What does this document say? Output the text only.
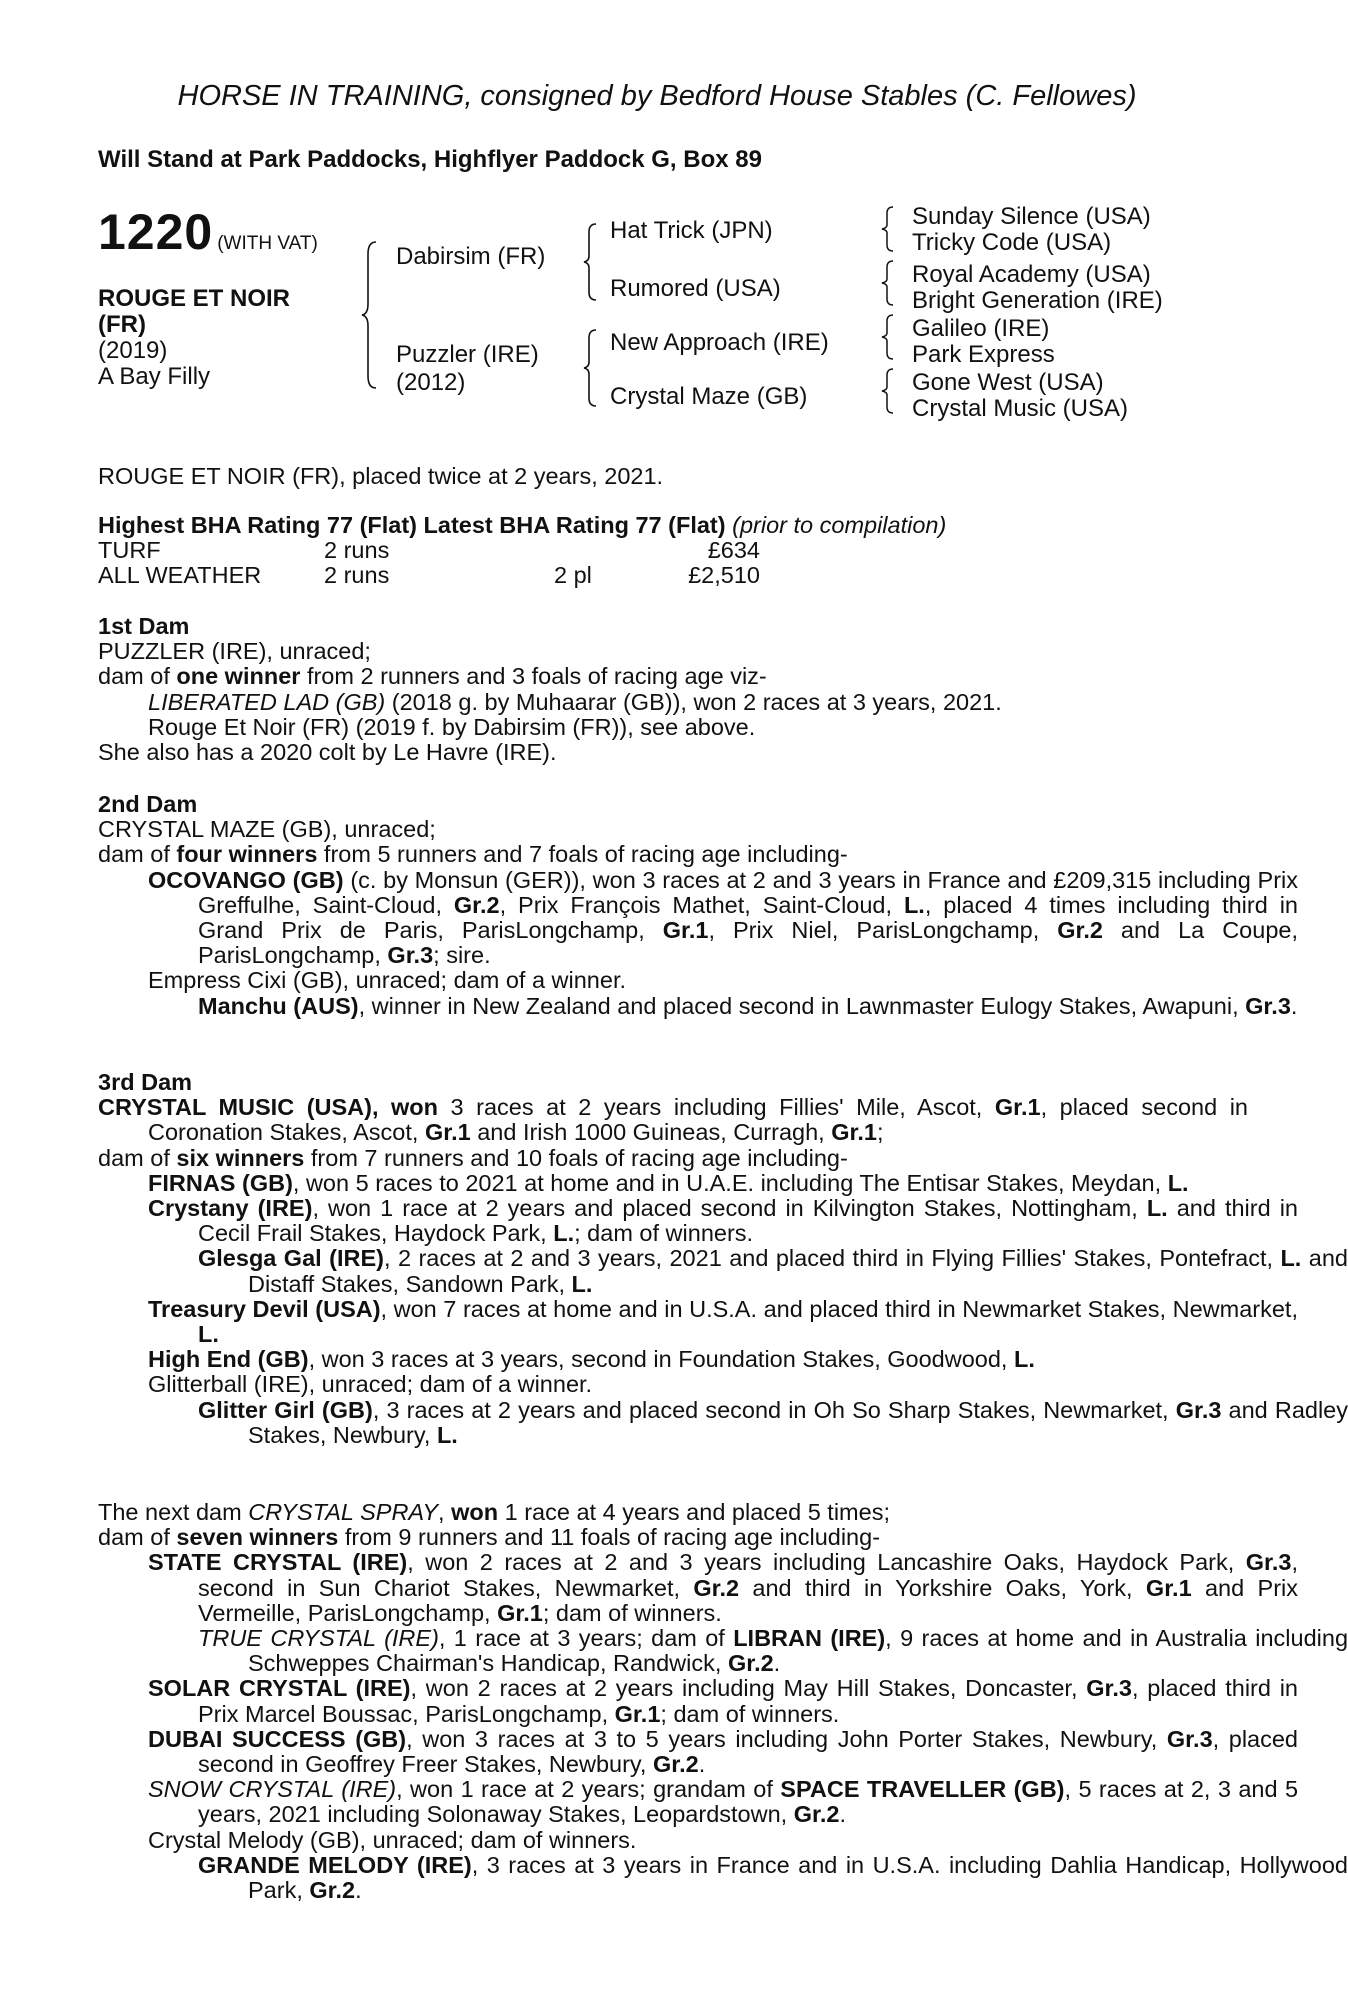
HORSE IN TRAINING, consigned by Bedford House Stables (C. Fellowes)
Will Stand at Park Paddocks, Highflyer Paddock G, Box 89
1220 (WITH VAT)
ROUGE ET NOIR
(FR)
(2019)
A Bay Filly
Dabirsim (FR)
Puzzler (IRE)
(2012)
Hat Trick (JPN)
Rumored (USA)
New Approach (IRE)
Crystal Maze (GB)
Sunday Silence (USA)
Tricky Code (USA)
Royal Academy (USA)
Bright Generation (IRE)
Galileo (IRE)
Park Express
Gone West (USA)
Crystal Music (USA)

ROUGE ET NOIR (FR), placed twice at 2 years, 2021.

Highest BHA Rating 77 (Flat) Latest BHA Rating 77 (Flat) (prior to compilation)

TURF	2 runs	£634
ALL WEATHER	2 runs	2 pl	£2,510

1st Dam

PUZZLER (IRE), unraced;

dam of one winner from 2 runners and 3 foals of racing age viz-

LIBERATED LAD (GB) (2018 g. by Muhaarar (GB)), won 2 races at 3 years, 2021.

Rouge Et Noir (FR) (2019 f. by Dabirsim (FR)), see above.

She also has a 2020 colt by Le Havre (IRE).

2nd Dam

CRYSTAL MAZE (GB), unraced;

dam of four winners from 5 runners and 7 foals of racing age including-

OCOVANGO (GB) (c. by Monsun (GER)), won 3 races at 2 and 3 years in France and £209,315 including Prix Greffulhe, Saint-Cloud, Gr.2, Prix François Mathet, Saint-Cloud, L., placed 4 times including third in Grand Prix de Paris, ParisLongchamp, Gr.1, Prix Niel, ParisLongchamp, Gr.2 and La Coupe, ParisLongchamp, Gr.3; sire.

Empress Cixi (GB), unraced; dam of a winner.

Manchu (AUS), winner in New Zealand and placed second in Lawnmaster Eulogy Stakes, Awapuni, Gr.3.

3rd Dam

CRYSTAL MUSIC (USA), won 3 races at 2 years including Fillies' Mile, Ascot, Gr.1, placed second in Coronation Stakes, Ascot, Gr.1 and Irish 1000 Guineas, Curragh, Gr.1;

dam of six winners from 7 runners and 10 foals of racing age including-

FIRNAS (GB), won 5 races to 2021 at home and in U.A.E. including The Entisar Stakes, Meydan, L.

Crystany (IRE), won 1 race at 2 years and placed second in Kilvington Stakes, Nottingham, L. and third in Cecil Frail Stakes, Haydock Park, L.; dam of winners.

Glesga Gal (IRE), 2 races at 2 and 3 years, 2021 and placed third in Flying Fillies' Stakes, Pontefract, L. and Distaff Stakes, Sandown Park, L.

Treasury Devil (USA), won 7 races at home and in U.S.A. and placed third in Newmarket Stakes, Newmarket, L.

High End (GB), won 3 races at 3 years, second in Foundation Stakes, Goodwood, L.

Glitterball (IRE), unraced; dam of a winner.

Glitter Girl (GB), 3 races at 2 years and placed second in Oh So Sharp Stakes, Newmarket, Gr.3 and Radley Stakes, Newbury, L.

The next dam CRYSTAL SPRAY, won 1 race at 4 years and placed 5 times;

dam of seven winners from 9 runners and 11 foals of racing age including-

STATE CRYSTAL (IRE), won 2 races at 2 and 3 years including Lancashire Oaks, Haydock Park, Gr.3, second in Sun Chariot Stakes, Newmarket, Gr.2 and third in Yorkshire Oaks, York, Gr.1 and Prix Vermeille, ParisLongchamp, Gr.1; dam of winners.

TRUE CRYSTAL (IRE), 1 race at 3 years; dam of LIBRAN (IRE), 9 races at home and in Australia including Schweppes Chairman's Handicap, Randwick, Gr.2.

SOLAR CRYSTAL (IRE), won 2 races at 2 years including May Hill Stakes, Doncaster, Gr.3, placed third in Prix Marcel Boussac, ParisLongchamp, Gr.1; dam of winners.

DUBAI SUCCESS (GB), won 3 races at 3 to 5 years including John Porter Stakes, Newbury, Gr.3, placed second in Geoffrey Freer Stakes, Newbury, Gr.2.

SNOW CRYSTAL (IRE), won 1 race at 2 years; grandam of SPACE TRAVELLER (GB), 5 races at 2, 3 and 5 years, 2021 including Solonaway Stakes, Leopardstown, Gr.2.

Crystal Melody (GB), unraced; dam of winners.

GRANDE MELODY (IRE), 3 races at 3 years in France and in U.S.A. including Dahlia Handicap, Hollywood Park, Gr.2.
